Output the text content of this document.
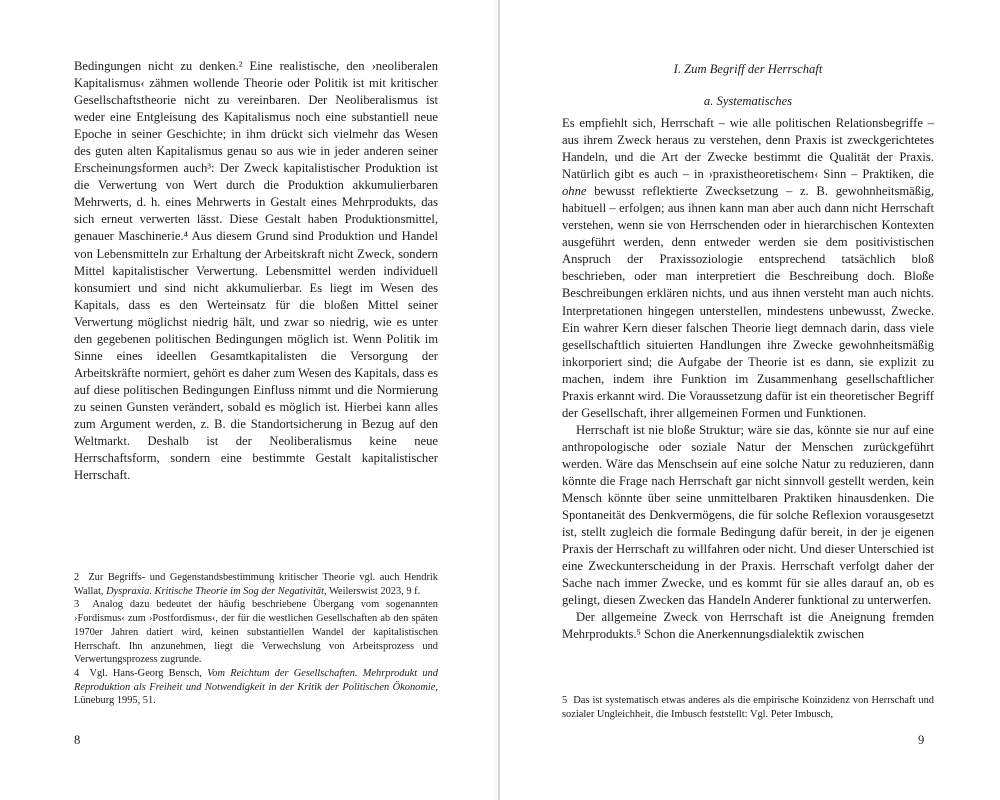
Bedingungen nicht zu denken.² Eine realistische, den ›neoliberalen Kapitalismus‹ zähmen wollende Theorie oder Politik ist mit kritischer Gesellschaftstheorie nicht zu vereinbaren. Der Neoliberalismus ist weder eine Entgleisung des Kapitalismus noch eine substantiell neue Epoche in seiner Geschichte; in ihm drückt sich vielmehr das Wesen des guten alten Kapitalismus genau so aus wie in jeder anderen seiner Erscheinungsformen auch³: Der Zweck kapitalistischer Produktion ist die Verwertung von Wert durch die Produktion akkumulierbaren Mehrwerts, d. h. eines Mehrwerts in Gestalt eines Mehrprodukts, das sich erneut verwerten lässt. Diese Gestalt haben Produktionsmittel, genauer Maschinerie.⁴ Aus diesem Grund sind Produktion und Handel von Lebensmitteln zur Erhaltung der Arbeitskraft nicht Zweck, sondern Mittel kapitalistischer Verwertung. Lebensmittel werden individuell konsumiert und sind nicht akkumulierbar. Es liegt im Wesen des Kapitals, dass es den Werteinsatz für die bloßen Mittel seiner Verwertung möglichst niedrig hält, und zwar so niedrig, wie es unter den gegebenen politischen Bedingungen möglich ist. Wenn Politik im Sinne eines ideellen Gesamtkapitalisten die Versorgung der Arbeitskräfte normiert, gehört es daher zum Wesen des Kapitals, dass es auf diese politischen Bedingungen Einfluss nimmt und die Normierung zu seinen Gunsten verändert, sobald es möglich ist. Hierbei kann alles zum Argument werden, z. B. die Standortsicherung in Bezug auf den Weltmarkt. Deshalb ist der Neoliberalismus keine neue Herrschaftsform, sondern eine bestimmte Gestalt kapitalistischer Herrschaft.

2 Zur Begriffs- und Gegenstandsbestimmung kritischer Theorie vgl. auch Hendrik Wallat, Dyspraxia. Kritische Theorie im Sog der Negativität, Weilerswist 2023, 9 f.

3 Analog dazu bedeutet der häufig beschriebene Übergang vom sogenannten ›Fordismus‹ zum ›Postfordismus‹, der für die westlichen Gesellschaften ab den späten 1970er Jahren datiert wird, keinen substantiellen Wandel der kapitalistischen Herrschaft. Ihn anzunehmen, liegt die Verwechslung von Arbeitsprozess und Verwertungsprozess zugrunde.

4 Vgl. Hans-Georg Bensch, Vom Reichtum der Gesellschaften. Mehrprodukt und Reproduktion als Freiheit und Notwendigkeit in der Kritik der Politischen Ökonomie, Lüneburg 1995, 51.

8
I. Zum Begriff der Herrschaft
a. Systematisches

Es empfiehlt sich, Herrschaft – wie alle politischen Relationsbegriffe – aus ihrem Zweck heraus zu verstehen, denn Praxis ist zweckgerichtetes Handeln, und die Art der Zwecke bestimmt die Qualität der Praxis. Natürlich gibt es auch – in ›praxistheoretischem‹ Sinn – Praktiken, die ohne bewusst reflektierte Zwecksetzung – z. B. gewohnheitsmäßig, habituell – erfolgen; aus ihnen kann man aber auch dann nicht Herrschaft verstehen, wenn sie von Herrschenden oder in hierarchischen Kontexten ausgeführt werden, denn entweder werden sie dem positivistischen Anspruch der Praxissoziologie entsprechend tatsächlich bloß beschrieben, oder man interpretiert die Beschreibung doch. Bloße Beschreibungen erklären nichts, und aus ihnen versteht man auch nichts. Interpretationen hingegen unterstellen, mindestens unbewusst, Zwecke. Ein wahrer Kern dieser falschen Theorie liegt demnach darin, dass viele gesellschaftlich situierten Handlungen ihre Zwecke gewohnheitsmäßig inkorporiert sind; die Aufgabe der Theorie ist es dann, sie explizit zu machen, indem ihre Funktion im Zusammenhang gesellschaftlicher Praxis erkannt wird. Die Voraussetzung dafür ist ein theoretischer Begriff der Gesellschaft, ihrer allgemeinen Formen und Funktionen.

Herrschaft ist nie bloße Struktur; wäre sie das, könnte sie nur auf eine anthropologische oder soziale Natur der Menschen zurückgeführt werden. Wäre das Menschsein auf eine solche Natur zu reduzieren, dann könnte die Frage nach Herrschaft gar nicht sinnvoll gestellt werden, kein Mensch könnte über seine unmittelbaren Praktiken hinausdenken. Die Spontaneität des Denkvermögens, die für solche Reflexion vorausgesetzt ist, stellt zugleich die formale Bedingung dafür bereit, in der je eigenen Praxis der Herrschaft zu willfahren oder nicht. Und dieser Unterschied ist eine Zweckunterscheidung in der Praxis. Herrschaft verfolgt daher der Sache nach immer Zwecke, und es kommt für sie alles darauf an, ob es gelingt, diesen Zwecken das Handeln Anderer funktional zu unterwerfen.

Der allgemeine Zweck von Herrschaft ist die Aneignung fremden Mehrprodukts.⁵ Schon die Anerkennungsdialektik zwischen

5 Das ist systematisch etwas anderes als die empirische Koinzidenz von Herrschaft und sozialer Ungleichheit, die Imbusch feststellt: Vgl. Peter Imbusch,

9
